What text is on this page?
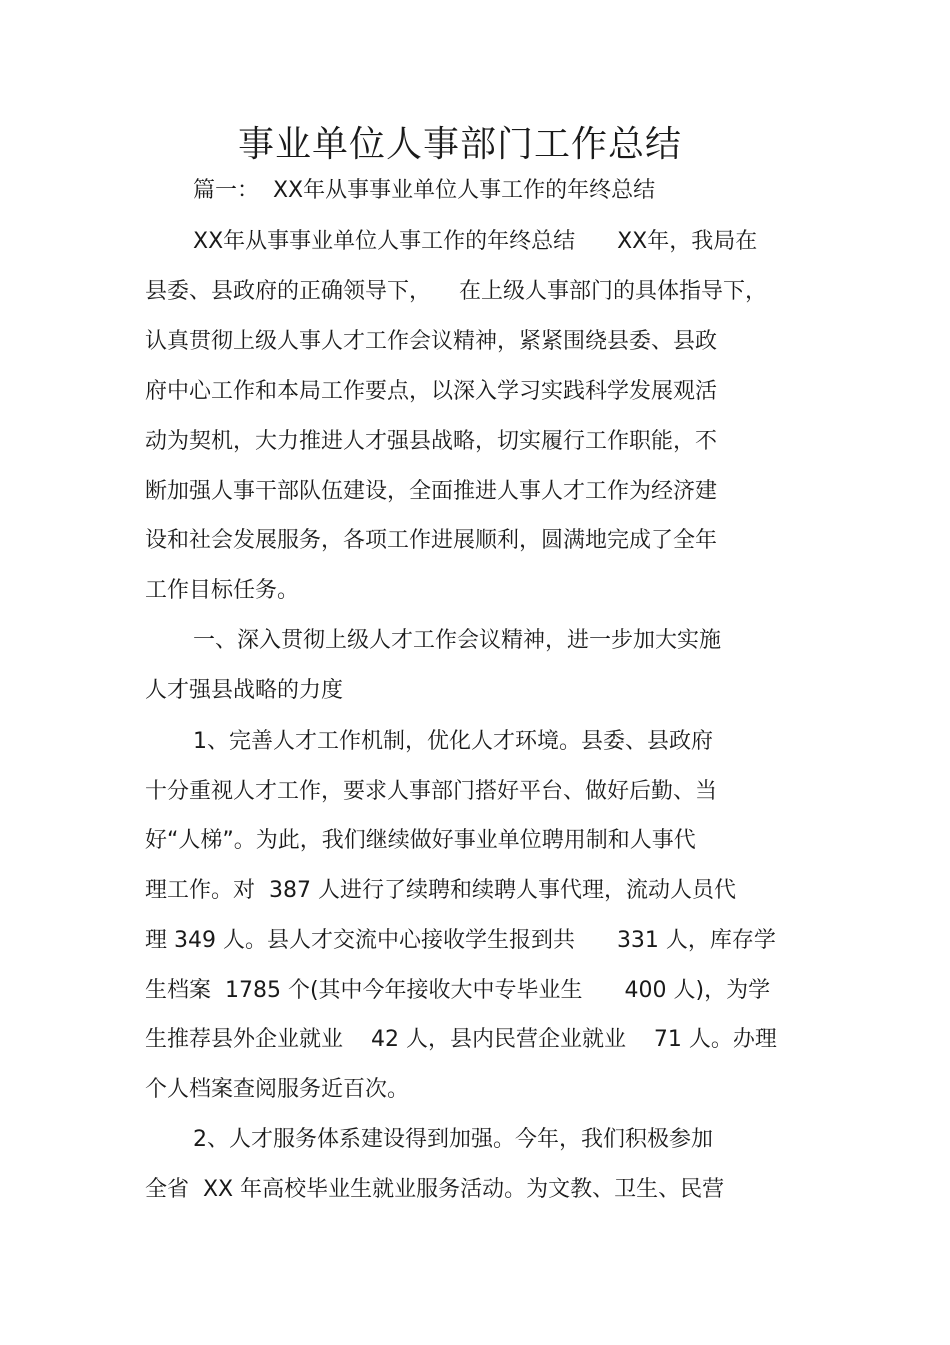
事业单位人事部门工作总结
篇一：  XX年从事事业单位人事工作的年终总结
XX年从事事业单位人事工作的年终总结      XX年，我局在
县委、县政府的正确领导下，    在上级人事部门的具体指导下，
认真贯彻上级人事人才工作会议精神，紧紧围绕县委、县政
府中心工作和本局工作要点，以深入学习实践科学发展观活
动为契机，大力推进人才强县战略，切实履行工作职能，不
断加强人事干部队伍建设，全面推进人事人才工作为经济建
设和社会发展服务，各项工作进展顺利，圆满地完成了全年
工作目标任务。
一、深入贯彻上级人才工作会议精神，进一步加大实施
人才强县战略的力度
1、完善人才工作机制，优化人才环境。县委、县政府
十分重视人才工作，要求人事部门搭好平台、做好后勤、当
好“人梯”。为此，我们继续做好事业单位聘用制和人事代
理工作。对  387 人进行了续聘和续聘人事代理，流动人员代
理 349 人。县人才交流中心接收学生报到共      331 人，库存学
生档案  1785 个(其中今年接收大中专毕业生      400 人)，为学
生推荐县外企业就业    42 人，县内民营企业就业    71 人。办理
个人档案查阅服务近百次。
2、人才服务体系建设得到加强。今年，我们积极参加
全省  XX 年高校毕业生就业服务活动。为文教、卫生、民营
